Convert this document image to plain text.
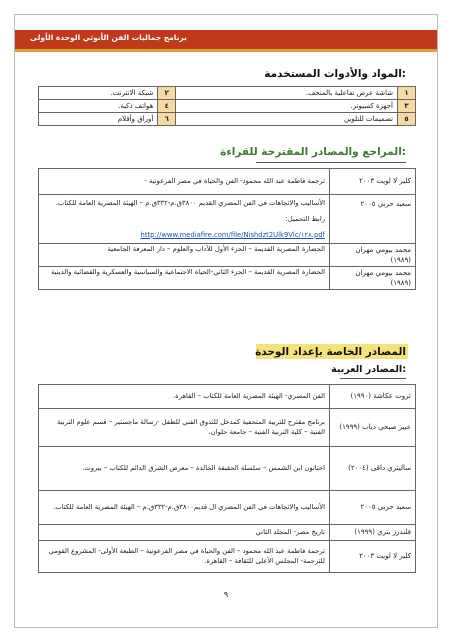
برنامج جماليات الفن الأنوثي الوحدة الأولى
المواد والأدوات المستخدمة:
١	شاشة عرض تفاعلية بالمتحف.	٢	شبكة الانترنت.
٣	أجهزة كمبيوتر.	٤	هواتف ذكية.
٥	تصميمات للتلوين	٦	أوراق وأقلام
المراجع والمصادر المقترحة للقراءة:
كلير لا لويت ٢٠٠٣	ترجمة فاطمة عبد الله محمود- الفن والحياة في مصر الفرعونية -
سعيد حربي ٢٠٠٥	الأساليب والاتجاهات في الفن المصري القديم ٣٨٠٠ق.م-٣٣٢ق.م – الهيئة المصرية العامة للكتاب.
رابط التحميل:
http://www.mediafire.com/file/Nishdzt2Ulk9Vlc/١٢٨.pdf

محمد بيومي مهران (١٩٨٩)	الحضارة المصرية القديمة – الجزء الأول للآداب والعلوم – دار المعرفة الجامعية
محمد بيومي مهران (١٩٨٩)	الحضارة المصرية القديمة – الجزء الثاني-الحياة الاجتماعية والسياسية والعسكرية والقضائية والدينية
المصادر الخاصة بإعداد الوحدة
المصادر العربية:
ثروت عكاشة (١٩٩٠)	الفن المصري- الهيئة المصرية العامة للكتاب – القاهرة.
عبير صبحي دياب (١٩٩٩)	برنامج مقترح للتربية المتحفية كمدخل للتذوق الفني للطفل -رسالة ماجستير – قسم علوم التربية الفنية – كلية التربية الفنية – جامعة حلوان.
ساليتري داقى (٢٠٠٤)	اخناتون ابن الشمس – سلسلة الحقيقة الخالدة – معرض الشرق الدائم للكتاب – بيروت.
سعيد حربي ٢٠٠٥	الأساليب والاتجاهات في الفن المصري ال قديم٣٨٠٠ق.م-٣٣٢ق.م – الهيئة المصرية العامة للكتاب.
فلندرز بتري (١٩٩٩)	تاريخ مصر- المجلد الثاني
كلير لا لويت ٢٠٠٣	ترجمة فاطمة عبد الله محمود – الفن والحياة في مصر الفرعونية – الطبعة الأولى- المشروع القومي للترجمة- المجلس الأعلى للثقافة – القاهرة.
٩
